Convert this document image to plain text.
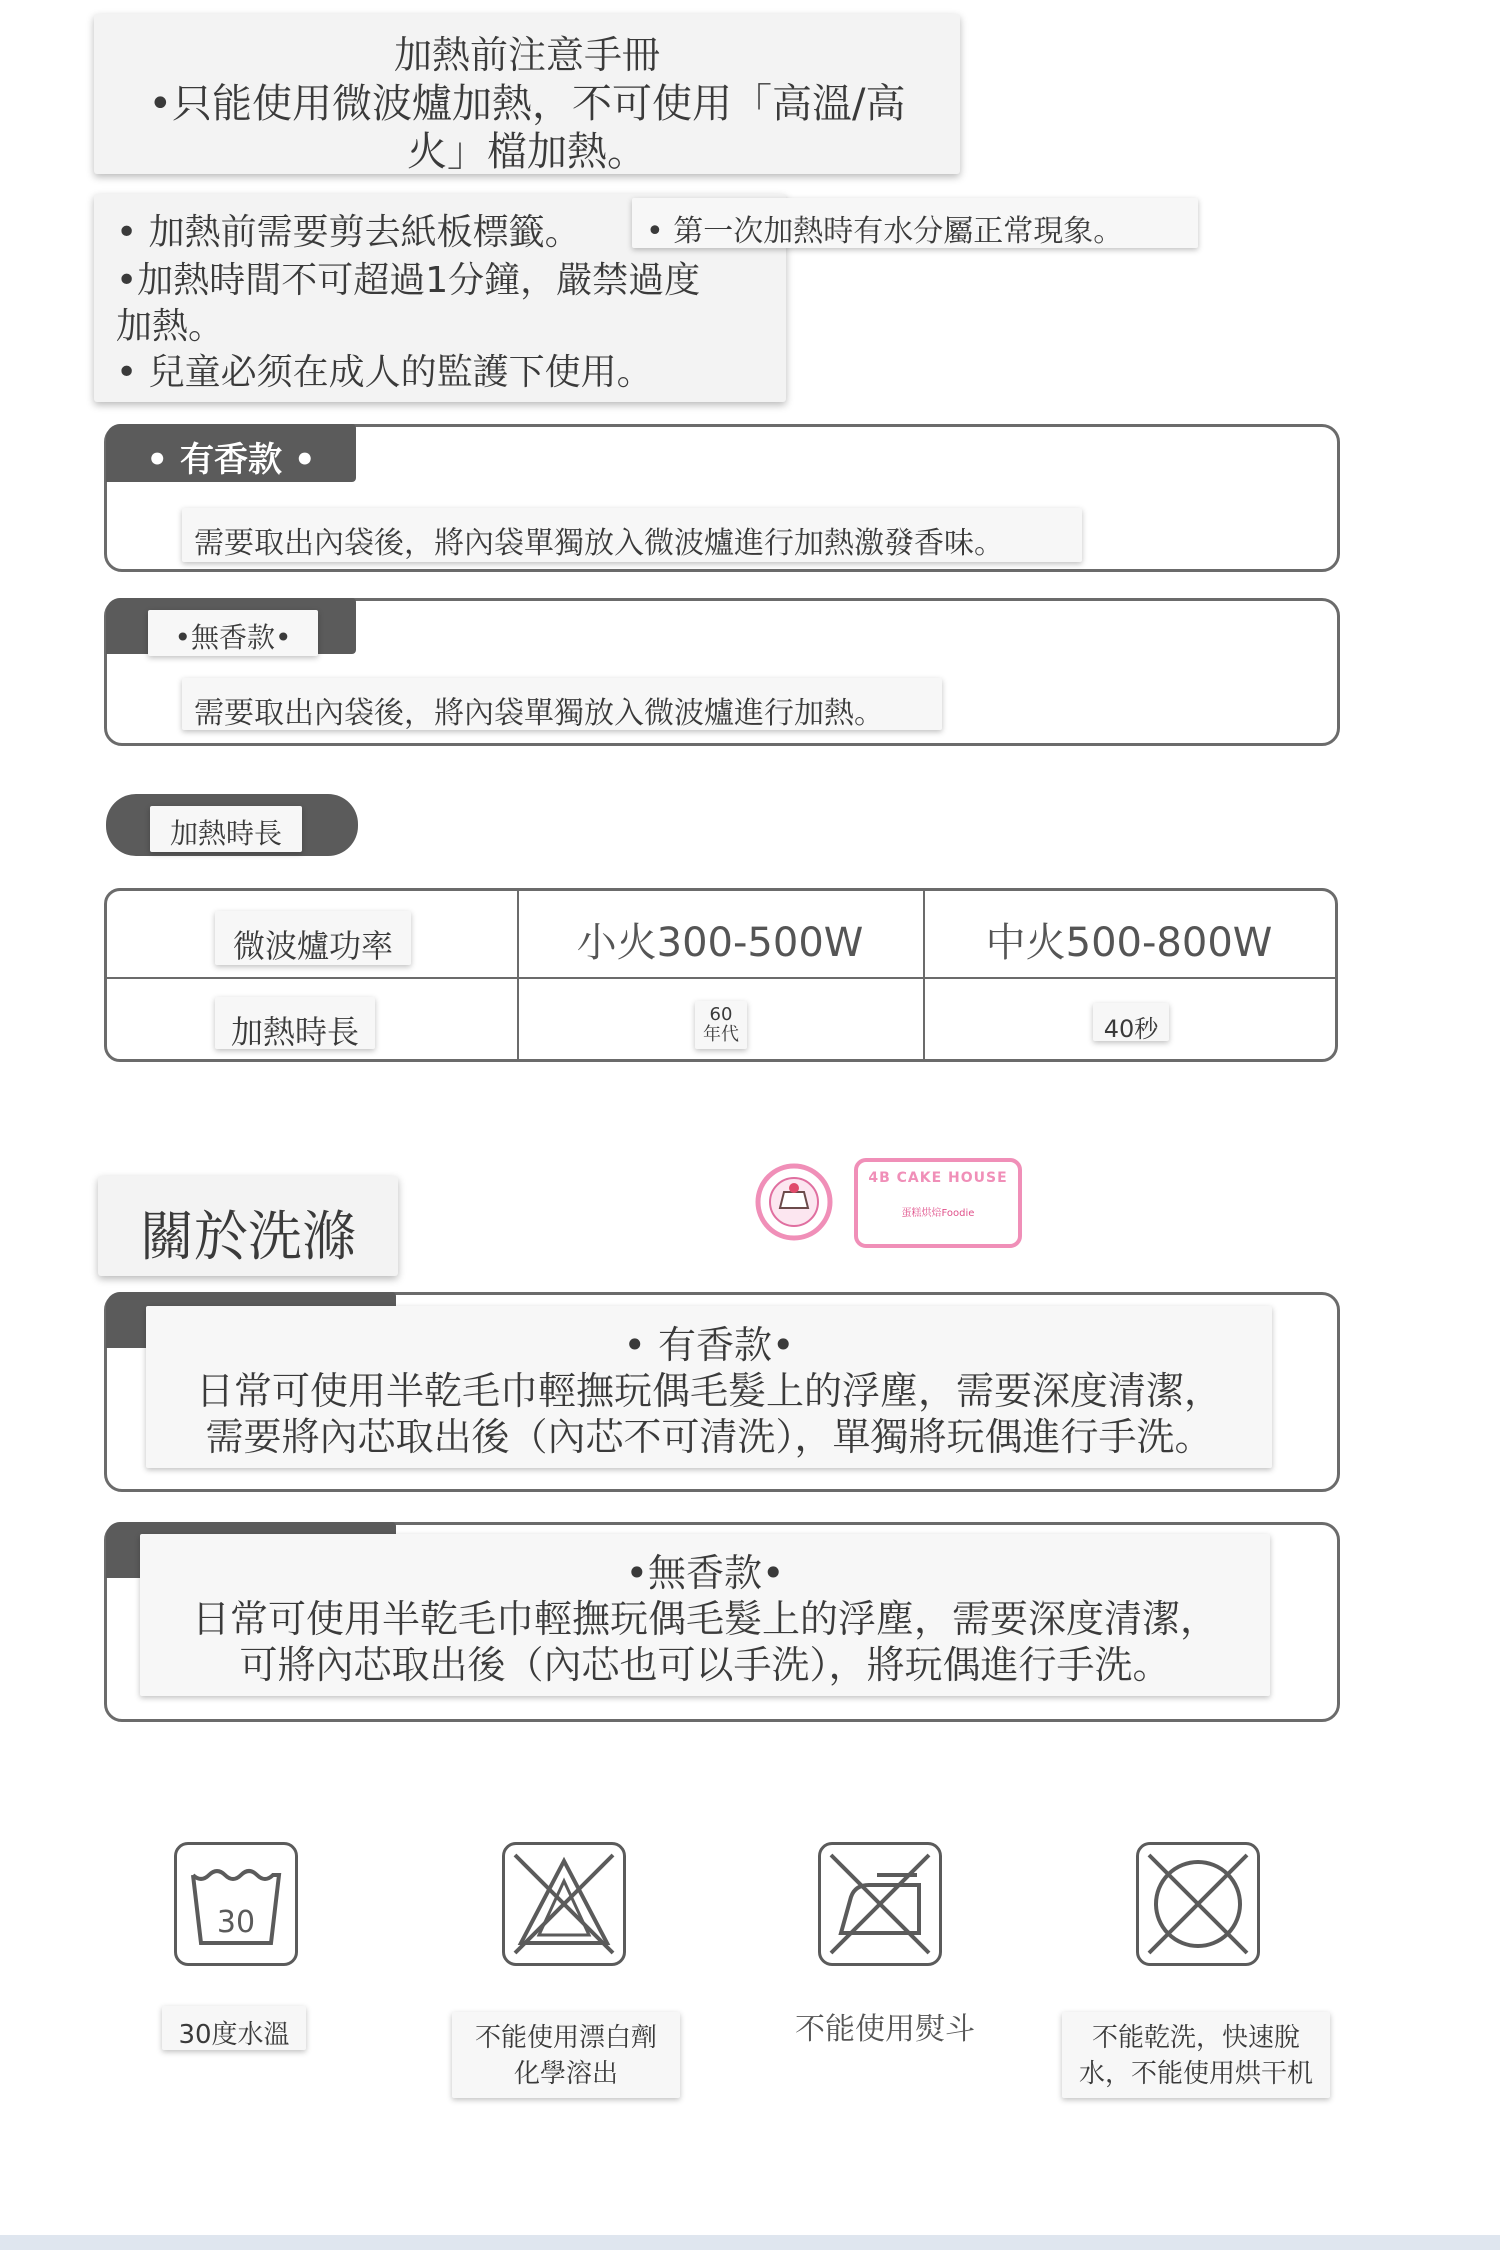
加熱前注意手冊
•只能使用微波爐加熱，不可使用「高溫/高
火」檔加熱。
• 加熱前需要剪去紙板標籤。
•加熱時間不可超過1分鐘，嚴禁過度
加熱。
• 兒童必须在成人的監護下使用。
• 第一次加熱時有水分屬正常現象。
• 有香款 •
需要取出內袋後，將內袋單獨放入微波爐進行加熱激發香味。
•無香款•
需要取出內袋後，將內袋單獨放入微波爐進行加熱。
加熱時長
微波爐功率	小火300-500W	中火500-800W
加熱時長	60年代	40秒
4B CAKE HOUSE
蛋糕烘焙Foodie
關於洗滌
• 有香款•
日常可使用半乾毛巾輕撫玩偶毛髮上的浮塵，需要深度清潔，
需要將內芯取出後（內芯不可清洗），單獨將玩偶進行手洗。
•無香款•
日常可使用半乾毛巾輕撫玩偶毛髮上的浮塵，需要深度清潔，
可將內芯取出後（內芯也可以手洗），將玩偶進行手洗。
30
30度水溫	不能使用漂白劑化學溶出
不能使用熨斗	不能乾洗，快速脫水，不能使用烘干机
